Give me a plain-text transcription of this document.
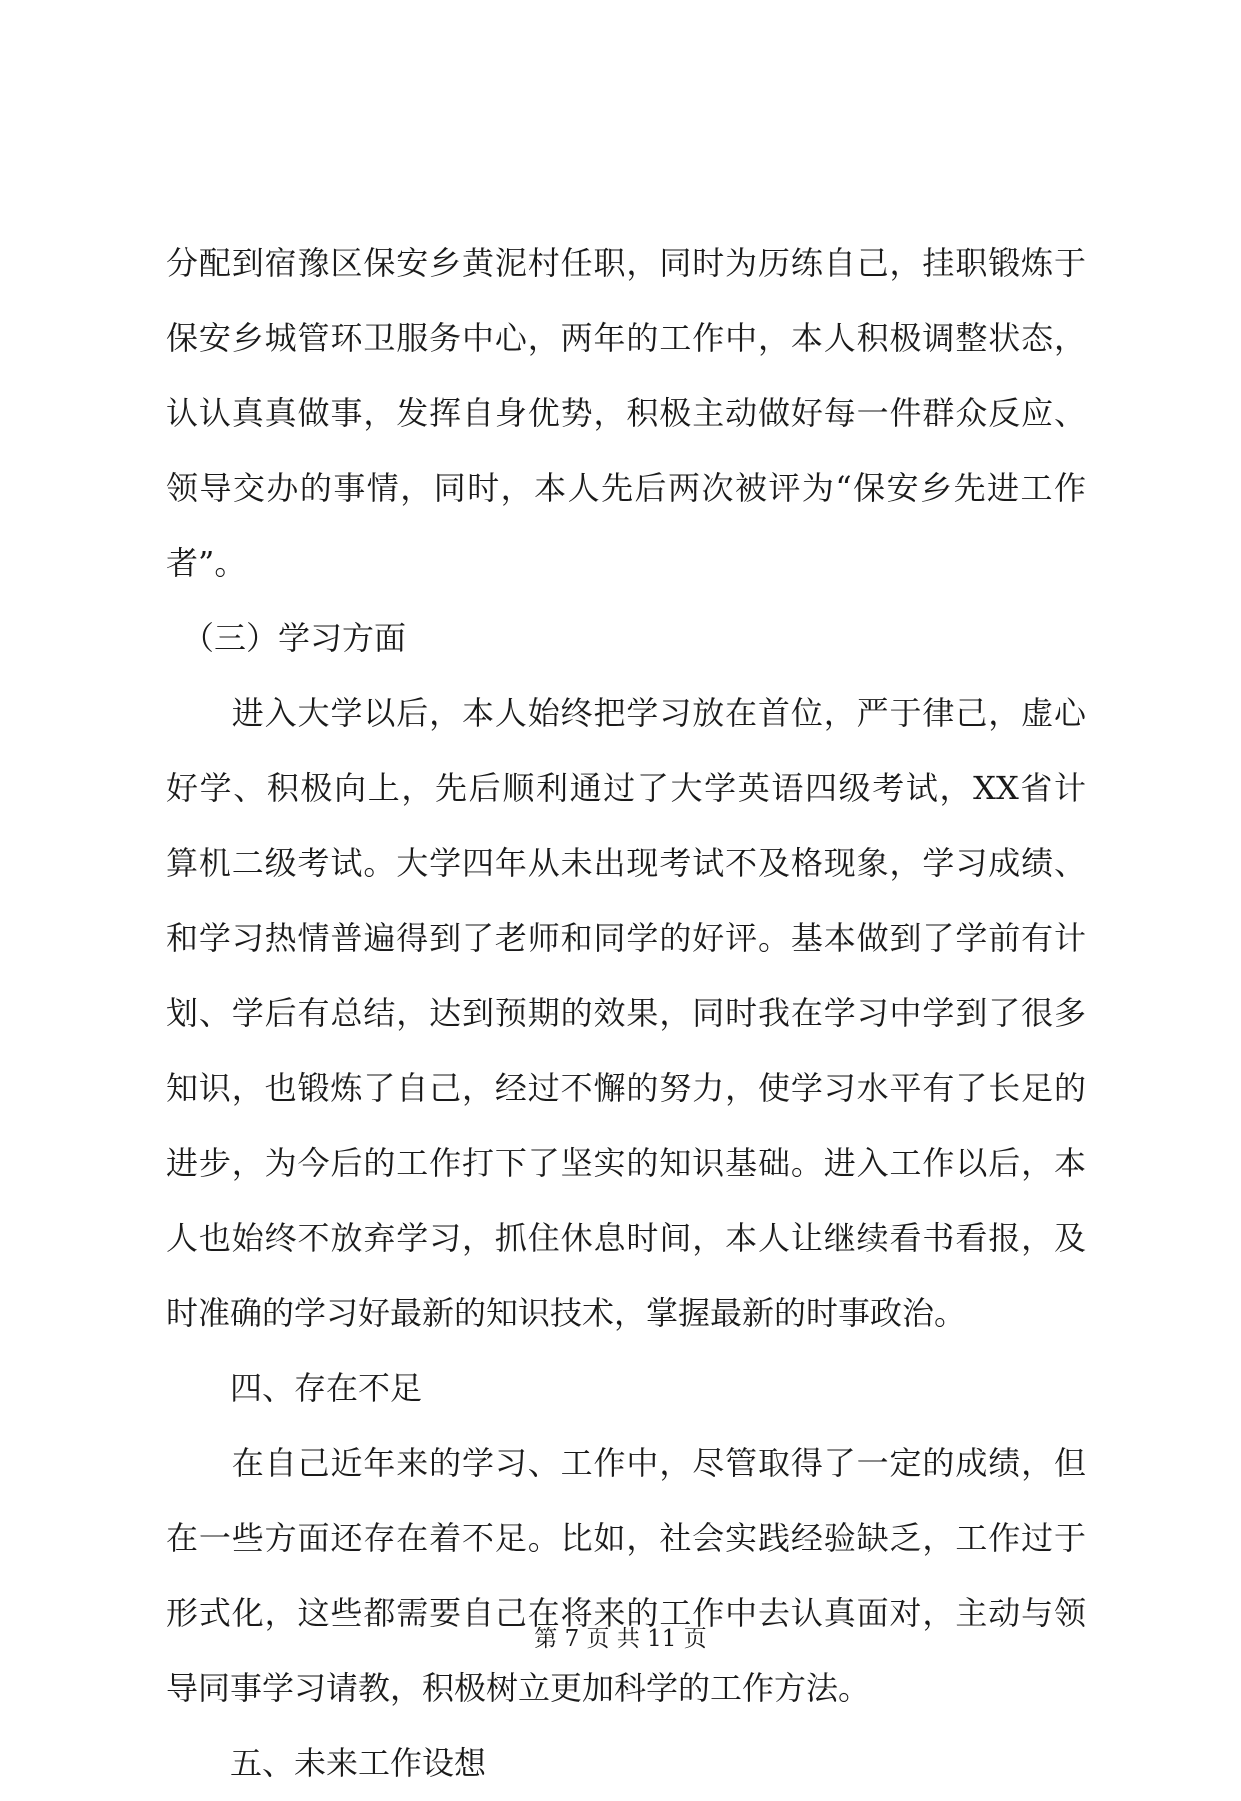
分配到宿豫区保安乡黄泥村任职，同时为历练自己，挂职锻炼于
保安乡城管环卫服务中心，两年的工作中，本人积极调整状态，
认认真真做事，发挥自身优势，积极主动做好每一件群众反应、
领导交办的事情，同时，本人先后两次被评为“保安乡先进工作
者”。
　（三）学习方面
　　进入大学以后，本人始终把学习放在首位，严于律己，虚心
好学、积极向上，先后顺利通过了大学英语四级考试，XX省计
算机二级考试。大学四年从未出现考试不及格现象，学习成绩、
和学习热情普遍得到了老师和同学的好评。基本做到了学前有计
划、学后有总结，达到预期的效果，同时我在学习中学到了很多
知识，也锻炼了自己，经过不懈的努力，使学习水平有了长足的
进步，为今后的工作打下了坚实的知识基础。进入工作以后，本
人也始终不放弃学习，抓住休息时间，本人让继续看书看报，及
时准确的学习好最新的知识技术，掌握最新的时事政治。
　　四、存在不足
　　在自己近年来的学习、工作中，尽管取得了一定的成绩，但
在一些方面还存在着不足。比如，社会实践经验缺乏，工作过于
形式化，这些都需要自己在将来的工作中去认真面对，主动与领
导同事学习请教，积极树立更加科学的工作方法。
　　五、未来工作设想
第 7 页 共 11 页
